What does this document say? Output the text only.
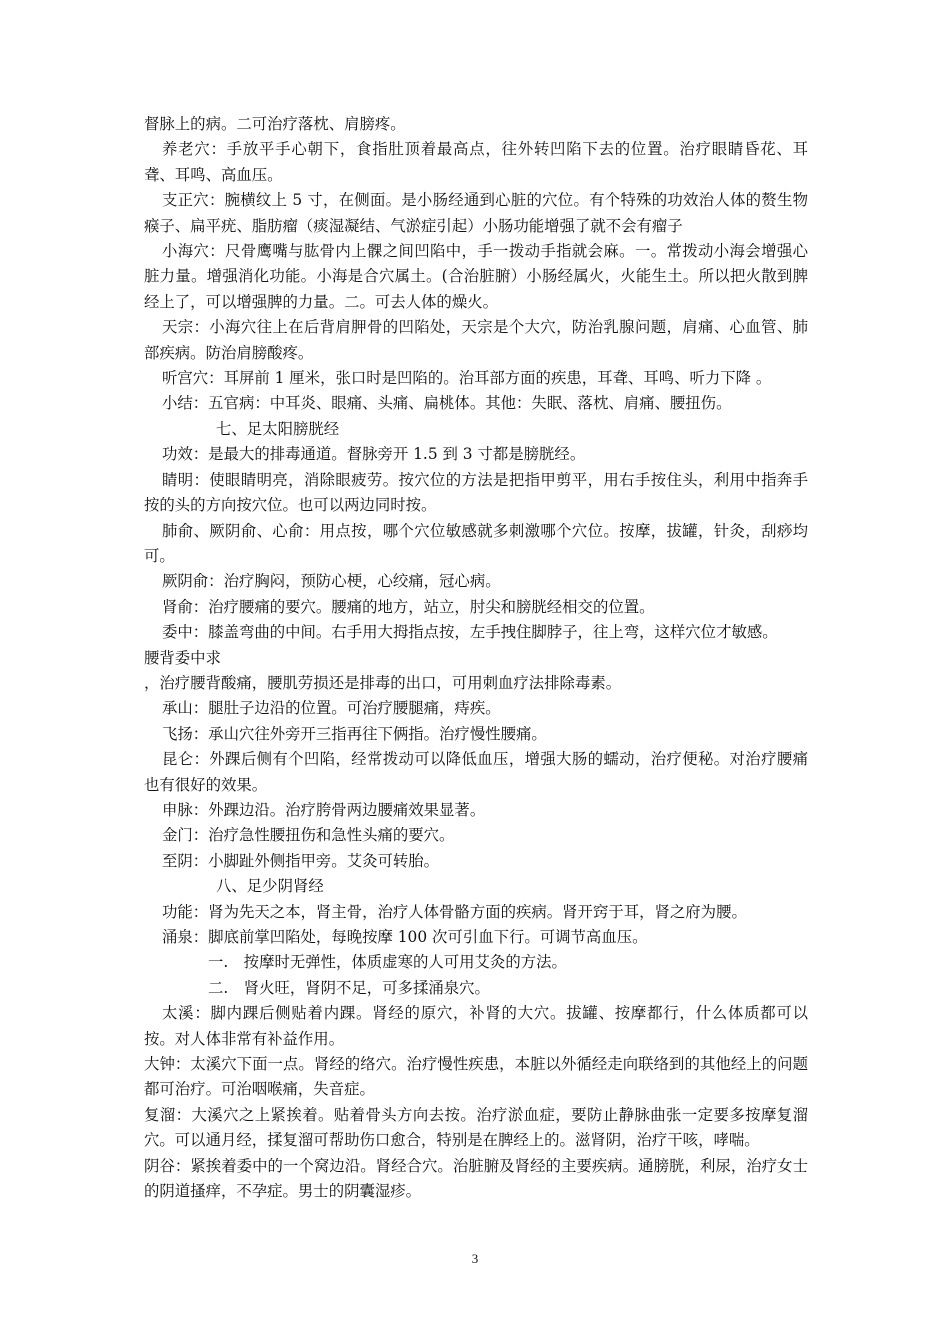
督脉上的病。二可治疗落枕、肩膀疼。

养老穴：手放平手心朝下，食指肚顶着最高点，往外转凹陷下去的位置。治疗眼睛昏花、耳聋、耳鸣、高血压。

支正穴：腕横纹上 5 寸，在侧面。是小肠经通到心脏的穴位。有个特殊的功效治人体的赘生物瘊子、扁平疣、脂肪瘤（痰湿凝结、气淤症引起）小肠功能增强了就不会有瘤子

小海穴：尺骨鹰嘴与肱骨内上髁之间凹陷中，手一拨动手指就会麻。一。常拨动小海会增强心脏力量。增强消化功能。小海是合穴属土。(合治脏腑）小肠经属火，火能生土。所以把火散到脾经上了，可以增强脾的力量。二。可去人体的燥火。

天宗：小海穴往上在后背肩胛骨的凹陷处，天宗是个大穴，防治乳腺问题，肩痛、心血管、肺部疾病。防治肩膀酸疼。

听宫穴：耳屏前 1 厘米，张口时是凹陷的。治耳部方面的疾患，耳聋、耳鸣、听力下降 。

小结：五官病：中耳炎、眼痛、头痛、扁桃体。其他：失眠、落枕、肩痛、腰扭伤。

七、足太阳膀胱经

功效：是最大的排毒通道。督脉旁开 1.5 到 3 寸都是膀胱经。

睛明：使眼睛明亮，消除眼疲劳。按穴位的方法是把指甲剪平，用右手按住头，利用中指奔手按的头的方向按穴位。也可以两边同时按。

肺俞、厥阴俞、心俞：用点按，哪个穴位敏感就多刺激哪个穴位。按摩，拔罐，针灸，刮痧均可。

厥阴俞：治疗胸闷，预防心梗，心绞痛，冠心病。

肾俞：治疗腰痛的要穴。腰痛的地方，站立，肘尖和膀胱经相交的位置。

委中：膝盖弯曲的中间。右手用大拇指点按，左手拽住脚脖子，往上弯，这样穴位才敏感。

腰背委中求

，治疗腰背酸痛，腰肌劳损还是排毒的出口，可用刺血疗法排除毒素。

承山：腿肚子边沿的位置。可治疗腰腿痛，痔疾。

飞扬：承山穴往外旁开三指再往下俩指。治疗慢性腰痛。

昆仑：外踝后侧有个凹陷，经常拨动可以降低血压，增强大肠的蠕动，治疗便秘。对治疗腰痛也有很好的效果。

申脉：外踝边沿。治疗胯骨两边腰痛效果显著。

金门：治疗急性腰扭伤和急性头痛的要穴。

至阴：小脚趾外侧指甲旁。艾灸可转胎。

八、足少阴肾经

功能：肾为先天之本，肾主骨，治疗人体骨骼方面的疾病。肾开窍于耳，肾之府为腰。

涌泉：脚底前掌凹陷处，每晚按摩 100 次可引血下行。可调节高血压。

一.　按摩时无弹性，体质虚寒的人可用艾灸的方法。

二.　肾火旺，肾阴不足，可多揉涌泉穴。

太溪：脚内踝后侧贴着内踝。肾经的原穴，补肾的大穴。拔罐、按摩都行，什么体质都可以按。对人体非常有补益作用。

大钟：太溪穴下面一点。肾经的络穴。治疗慢性疾患，本脏以外循经走向联络到的其他经上的问题都可治疗。可治咽喉痛，失音症。

复溜：大溪穴之上紧挨着。贴着骨头方向去按。治疗淤血症，要防止静脉曲张一定要多按摩复溜穴。可以通月经，揉复溜可帮助伤口愈合，特别是在脾经上的。滋肾阴，治疗干咳，哮喘。

阴谷：紧挨着委中的一个窝边沿。肾经合穴。治脏腑及肾经的主要疾病。通膀胱，利尿，治疗女士的阴道搔痒，不孕症。男士的阴囊湿疹。

3
